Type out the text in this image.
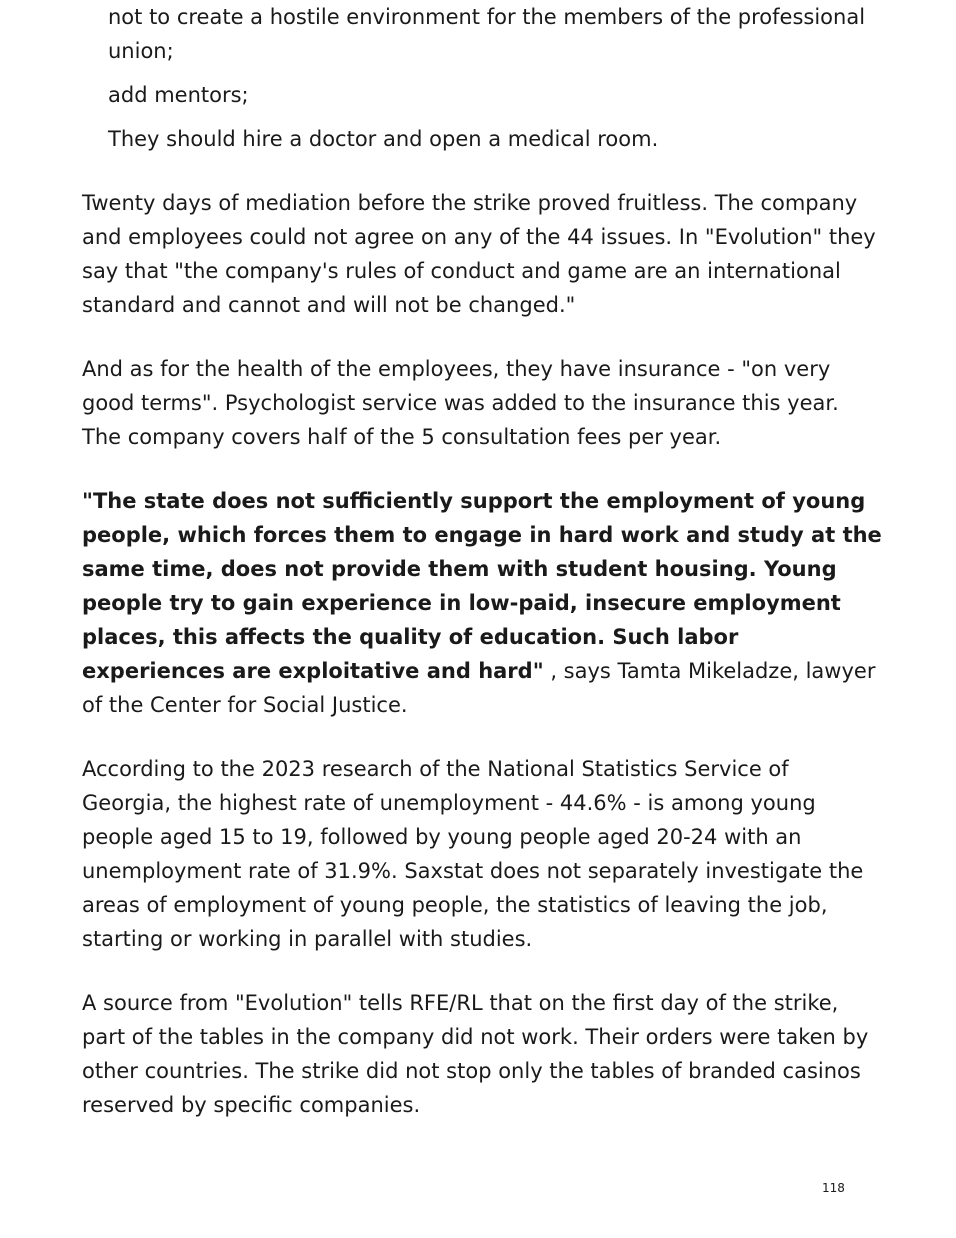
not to create a hostile environment for the members of the professional union;

add mentors;

They should hire a doctor and open a medical room.

Twenty days of mediation before the strike proved fruitless. The company and employees could not agree on any of the 44 issues. In "Evolution" they say that "the company's rules of conduct and game are an international standard and cannot and will not be changed."

And as for the health of the employees, they have insurance - "on very good terms". Psychologist service was added to the insurance this year. The company covers half of the 5 consultation fees per year.

"The state does not sufficiently support the employment of young people, which forces them to engage in hard work and study at the same time, does not provide them with student housing. Young people try to gain experience in low-paid, insecure employment places, this affects the quality of education. Such labor experiences are exploitative and hard" , says Tamta Mikeladze, lawyer of the Center for Social Justice.

According to the 2023 research of the National Statistics Service of Georgia, the highest rate of unemployment - 44.6% - is among young people aged 15 to 19, followed by young people aged 20-24 with an unemployment rate of 31.9%. Saxstat does not separately investigate the areas of employment of young people, the statistics of leaving the job, starting or working in parallel with studies.

A source from "Evolution" tells RFE/RL that on the first day of the strike, part of the tables in the company did not work. Their orders were taken by other countries. The strike did not stop only the tables of branded casinos reserved by specific companies.

118
